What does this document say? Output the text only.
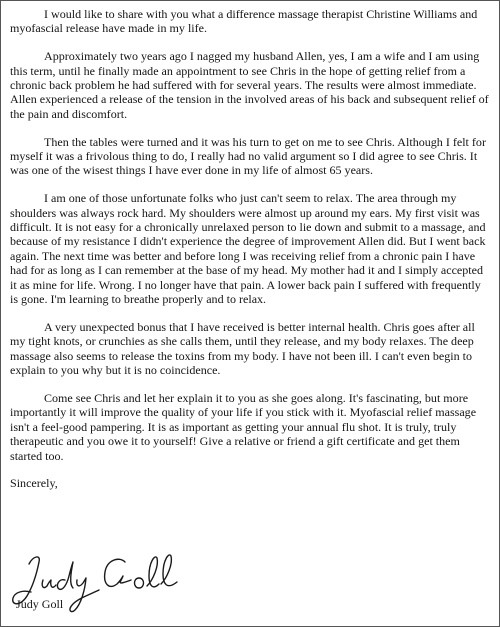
I would like to share with you what a difference massage therapist Christine Williams and myofascial release have made in my life.

Approximately two years ago I nagged my husband Allen, yes, I am a wife and I am using this term, until he finally made an appointment to see Chris in the hope of getting relief from a chronic back problem he had suffered with for several years. The results were almost immediate. Allen experienced a release of the tension in the involved areas of his back and subsequent relief of the pain and discomfort.

Then the tables were turned and it was his turn to get on me to see Chris. Although I felt for myself it was a frivolous thing to do, I really had no valid argument so I did agree to see Chris. It was one of the wisest things I have ever done in my life of almost 65 years.

I am one of those unfortunate folks who just can't seem to relax. The area through my shoulders was always rock hard. My shoulders were almost up around my ears. My first visit was difficult. It is not easy for a chronically unrelaxed person to lie down and submit to a massage, and because of my resistance I didn't experience the degree of improvement Allen did. But I went back again. The next time was better and before long I was receiving relief from a chronic pain I have had for as long as I can remember at the base of my head. My mother had it and I simply accepted it as mine for life. Wrong. I no longer have that pain. A lower back pain I suffered with frequently is gone. I'm learning to breathe properly and to relax.

A very unexpected bonus that I have received is better internal health. Chris goes after all my tight knots, or crunchies as she calls them, until they release, and my body relaxes. The deep massage also seems to release the toxins from my body. I have not been ill. I can't even begin to explain to you why but it is no coincidence.

Come see Chris and let her explain it to you as she goes along. It's fascinating, but more importantly it will improve the quality of your life if you stick with it. Myofascial relief massage isn't a feel-good pampering. It is as important as getting your annual flu shot. It is truly, truly therapeutic and you owe it to yourself! Give a relative or friend a gift certificate and get them started too.

Sincerely,

Judy Goll
